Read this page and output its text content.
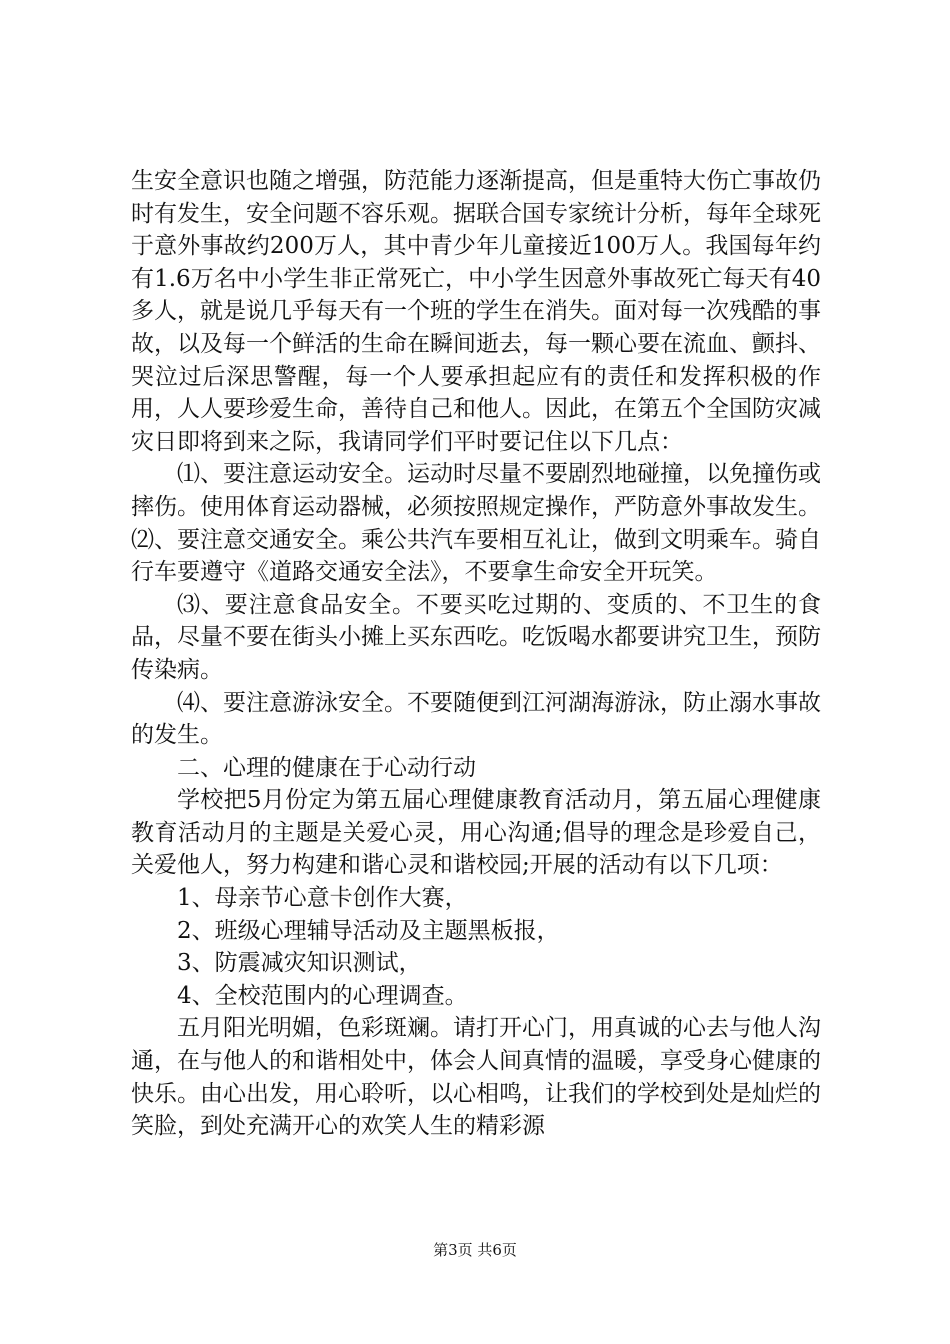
生安全意识也随之增强，防范能力逐渐提高，但是重特大伤亡事故仍时有发生，安全问题不容乐观。据联合国专家统计分析，每年全球死于意外事故约200万人，其中青少年儿童接近100万人。我国每年约有1.6万名中小学生非正常死亡，中小学生因意外事故死亡每天有40多人，就是说几乎每天有一个班的学生在消失。面对每一次残酷的事故，以及每一个鲜活的生命在瞬间逝去，每一颗心要在流血、颤抖、哭泣过后深思警醒，每一个人要承担起应有的责任和发挥积极的作用，人人要珍爱生命，善待自己和他人。因此，在第五个全国防灾减灾日即将到来之际，我请同学们平时要记住以下几点：

⑴、要注意运动安全。运动时尽量不要剧烈地碰撞，以免撞伤或摔伤。使用体育运动器械，必须按照规定操作，严防意外事故发生。⑵、要注意交通安全。乘公共汽车要相互礼让，做到文明乘车。骑自行车要遵守《道路交通安全法》，不要拿生命安全开玩笑。

⑶、要注意食品安全。不要买吃过期的、变质的、不卫生的食品，尽量不要在街头小摊上买东西吃。吃饭喝水都要讲究卫生，预防传染病。

⑷、要注意游泳安全。不要随便到江河湖海游泳，防止溺水事故的发生。

二、心理的健康在于心动行动

学校把5月份定为第五届心理健康教育活动月，第五届心理健康教育活动月的主题是关爱心灵，用心沟通;倡导的理念是珍爱自己，关爱他人，努力构建和谐心灵和谐校园;开展的活动有以下几项：

1、母亲节心意卡创作大赛，

2、班级心理辅导活动及主题黑板报，

3、防震减灾知识测试，

4、全校范围内的心理调查。

五月阳光明媚，色彩斑斓。请打开心门，用真诚的心去与他人沟通，在与他人的和谐相处中，体会人间真情的温暖，享受身心健康的快乐。由心出发，用心聆听，以心相鸣，让我们的学校到处是灿烂的笑脸，到处充满开心的欢笑人生的精彩源

第3页 共6页
